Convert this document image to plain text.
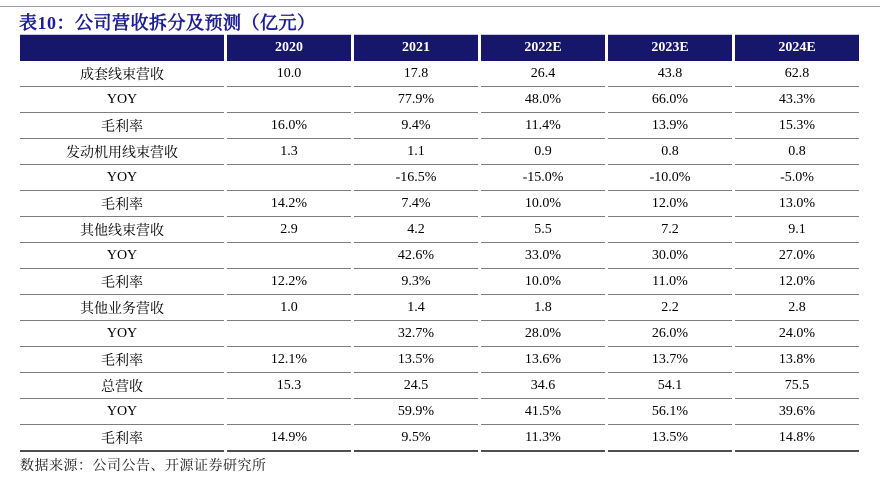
表10：公司营收拆分及预测（亿元）
	2020	2021	2022E	2023E	2024E
成套线束营收	10.0	17.8	26.4	43.8	62.8
YOY		77.9%	48.0%	66.0%	43.3%
毛利率	16.0%	9.4%	11.4%	13.9%	15.3%
发动机用线束营收	1.3	1.1	0.9	0.8	0.8
YOY		-16.5%	-15.0%	-10.0%	-5.0%
毛利率	14.2%	7.4%	10.0%	12.0%	13.0%
其他线束营收	2.9	4.2	5.5	7.2	9.1
YOY		42.6%	33.0%	30.0%	27.0%
毛利率	12.2%	9.3%	10.0%	11.0%	12.0%
其他业务营收	1.0	1.4	1.8	2.2	2.8
YOY		32.7%	28.0%	26.0%	24.0%
毛利率	12.1%	13.5%	13.6%	13.7%	13.8%
总营收	15.3	24.5	34.6	54.1	75.5
YOY		59.9%	41.5%	56.1%	39.6%
毛利率	14.9%	9.5%	11.3%	13.5%	14.8%
数据来源：公司公告、开源证券研究所
